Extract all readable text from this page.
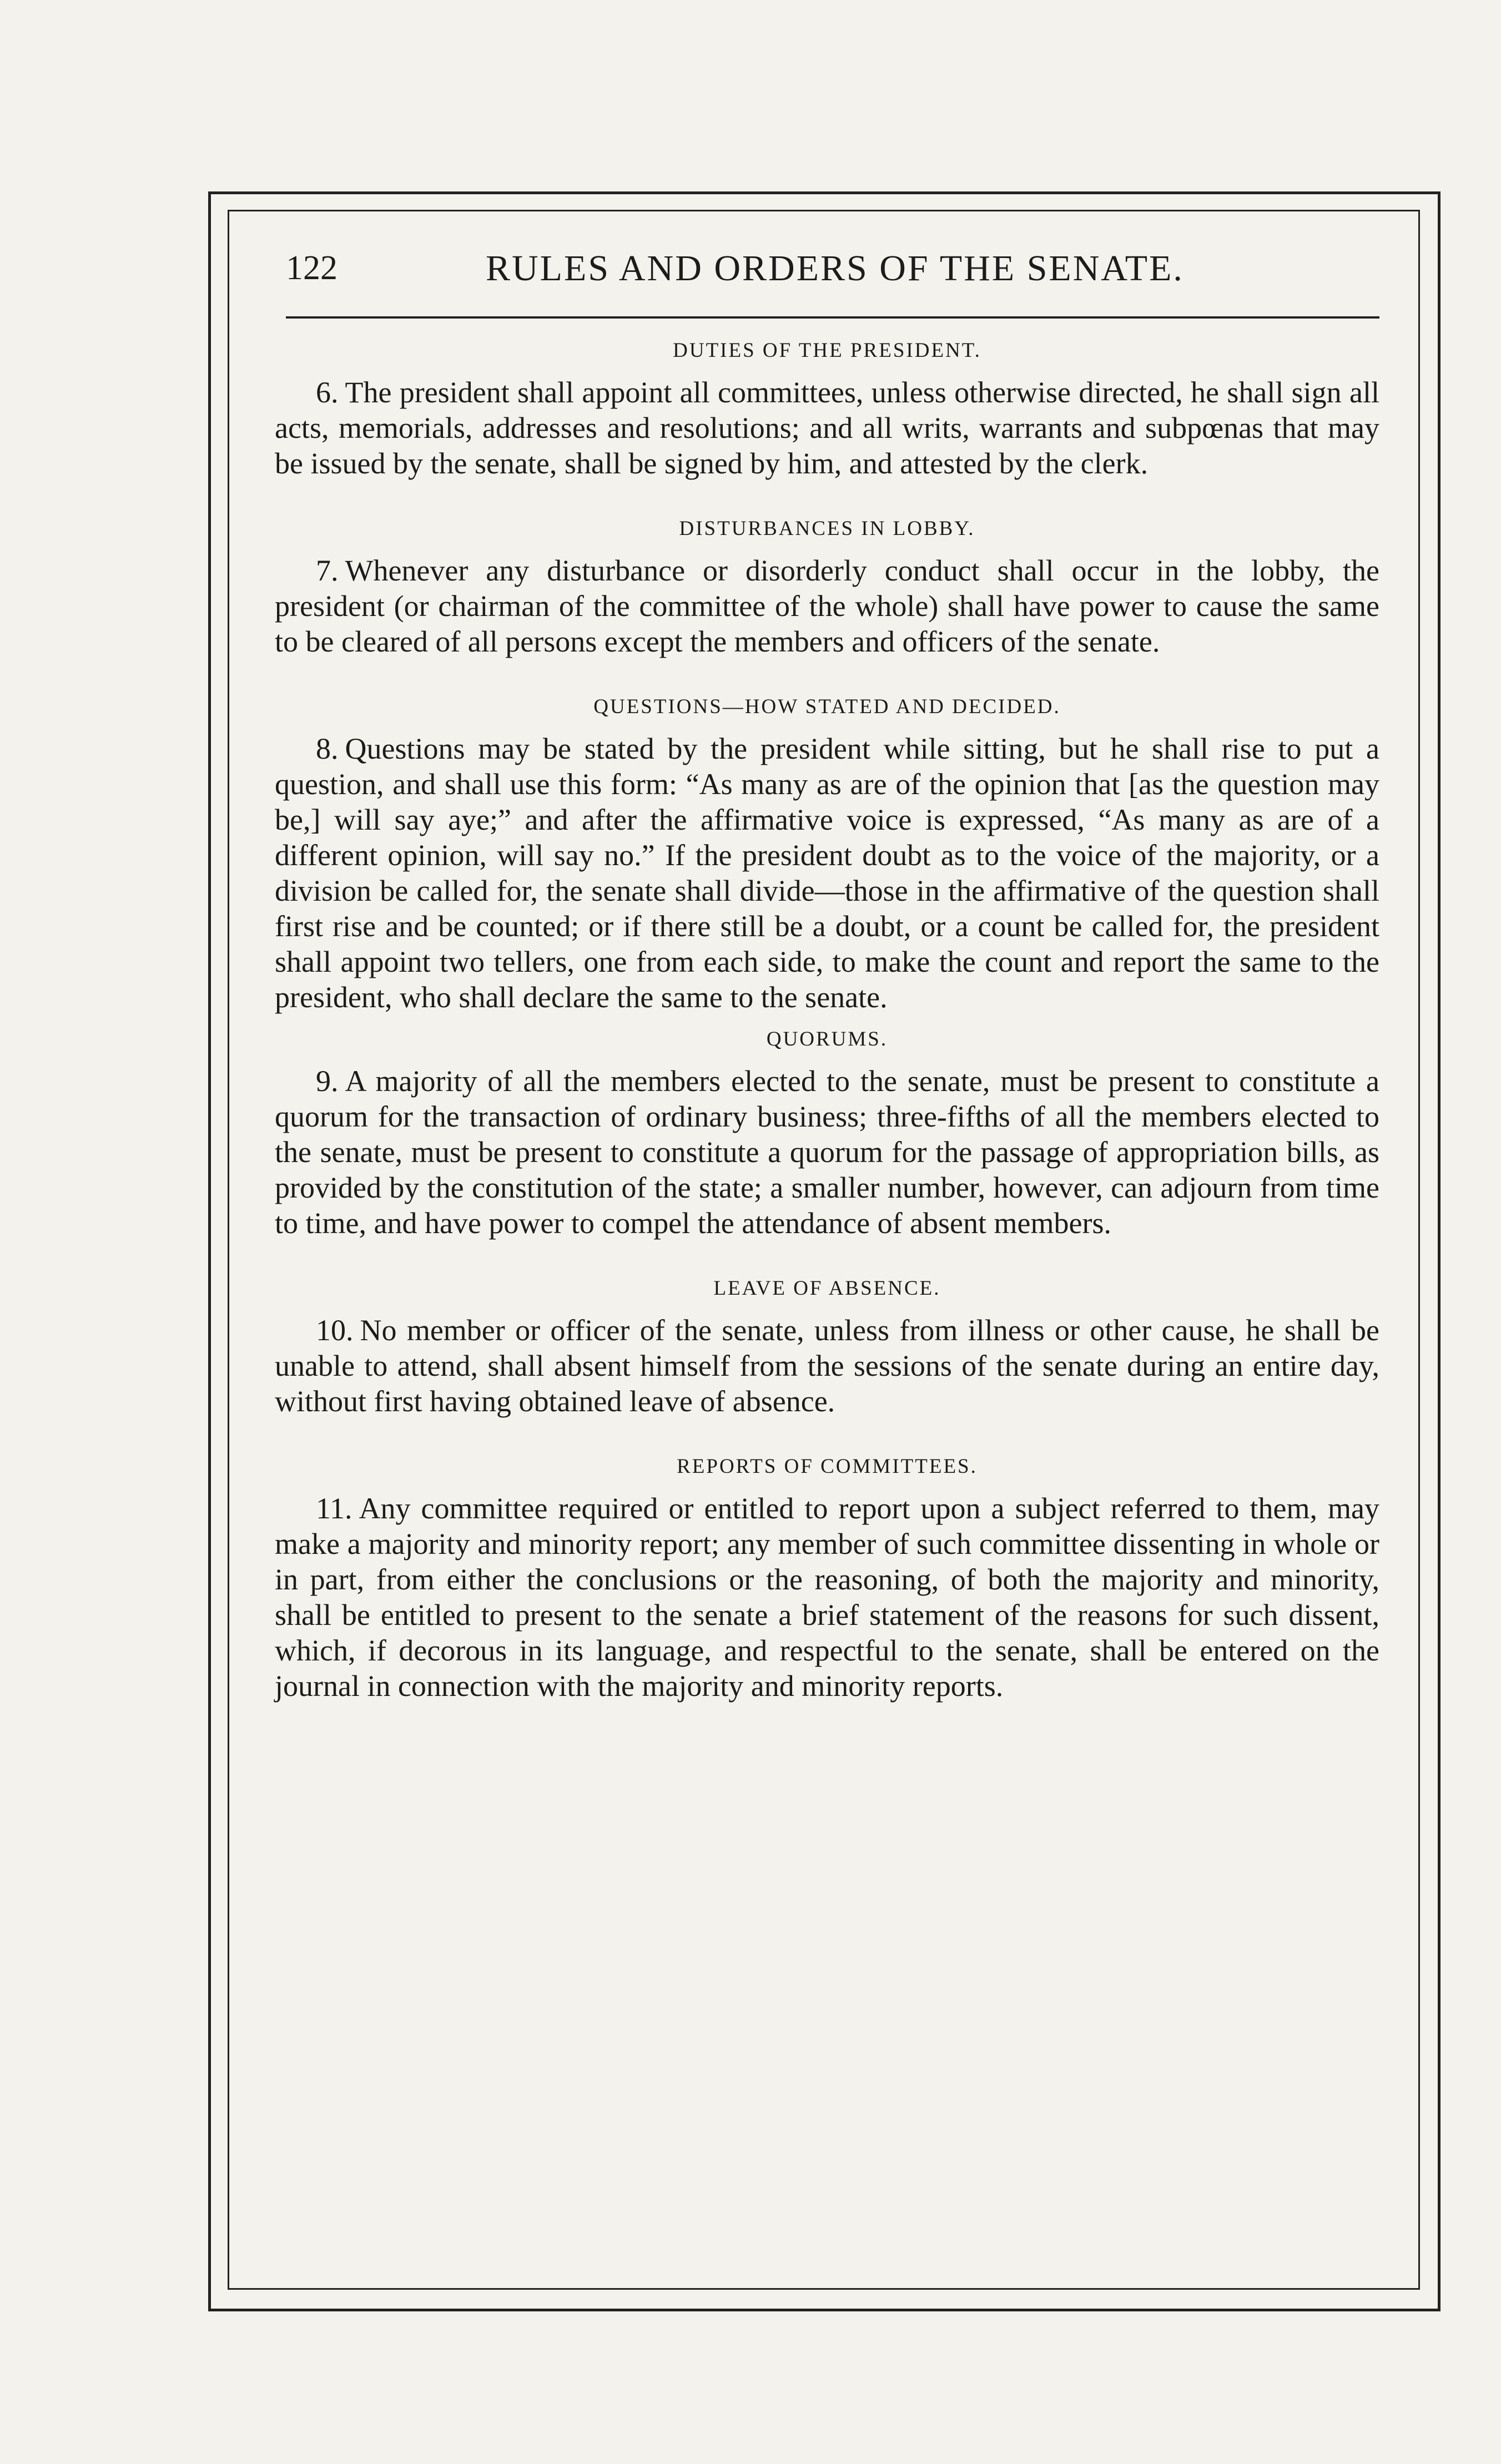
122	RULES AND ORDERS OF THE SENATE.
DUTIES OF THE PRESIDENT.

6. The president shall appoint all committees, unless otherwise directed, he shall sign all acts, memorials, addresses and resolutions; and all writs, warrants and subpœnas that may be issued by the senate, shall be signed by him, and attested by the clerk.

DISTURBANCES IN LOBBY.

7. Whenever any disturbance or disorderly conduct shall occur in the lobby, the president (or chairman of the committee of the whole) shall have power to cause the same to be cleared of all persons except the members and officers of the senate.

QUESTIONS—HOW STATED AND DECIDED.

8. Questions may be stated by the president while sitting, but he shall rise to put a question, and shall use this form: “As many as are of the opinion that [as the question may be,] will say aye;” and after the affirmative voice is expressed, “As many as are of a different opinion, will say no.” If the president doubt as to the voice of the majority, or a division be called for, the senate shall divide—those in the affirmative of the question shall first rise and be counted; or if there still be a doubt, or a count be called for, the president shall appoint two tellers, one from each side, to make the count and report the same to the president, who shall declare the same to the senate.

QUORUMS.

9. A majority of all the members elected to the senate, must be present to constitute a quorum for the transaction of ordinary business; three-fifths of all the members elected to the senate, must be present to constitute a quorum for the passage of appropriation bills, as provided by the constitution of the state; a smaller number, however, can adjourn from time to time, and have power to compel the attendance of absent members.

LEAVE OF ABSENCE.

10. No member or officer of the senate, unless from illness or other cause, he shall be unable to attend, shall absent himself from the sessions of the senate during an entire day, without first having obtained leave of absence.

REPORTS OF COMMITTEES.

11. Any committee required or entitled to report upon a subject referred to them, may make a majority and minority report; any member of such committee dissenting in whole or in part, from either the conclusions or the reasoning, of both the majority and minority, shall be entitled to present to the senate a brief statement of the reasons for such dissent, which, if decorous in its language, and respectful to the senate, shall be entered on the journal in connection with the majority and minority reports.
